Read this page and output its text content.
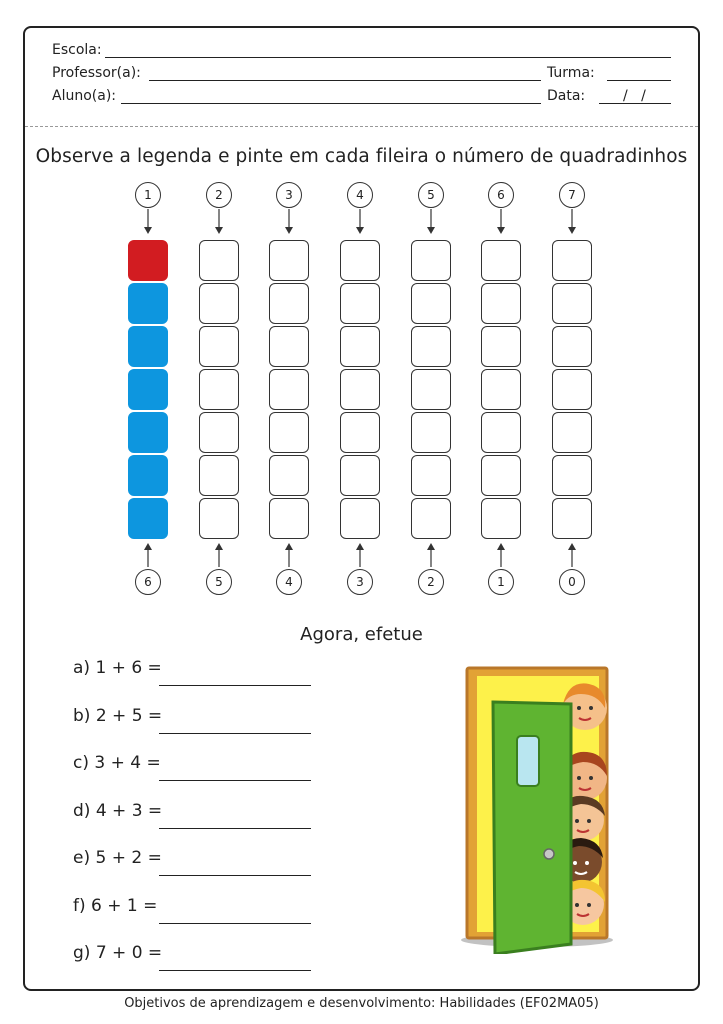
Escola:
Professor(a):	Turma:
Aluno(a):	Data:	/   /
Observe a legenda e pinte em cada fileira o número de quadradinhos
1
6
2
5
3
4
4
3
5
2
6
1
7
0
Agora, efetue
a) 1 + 6 =
b) 2 + 5 =
c) 3 + 4 =
d) 4 + 3 =
e) 5 + 2 =
f) 6 + 1 =
g) 7 + 0 =
Objetivos de aprendizagem e desenvolvimento: Habilidades (EF02MA05)
